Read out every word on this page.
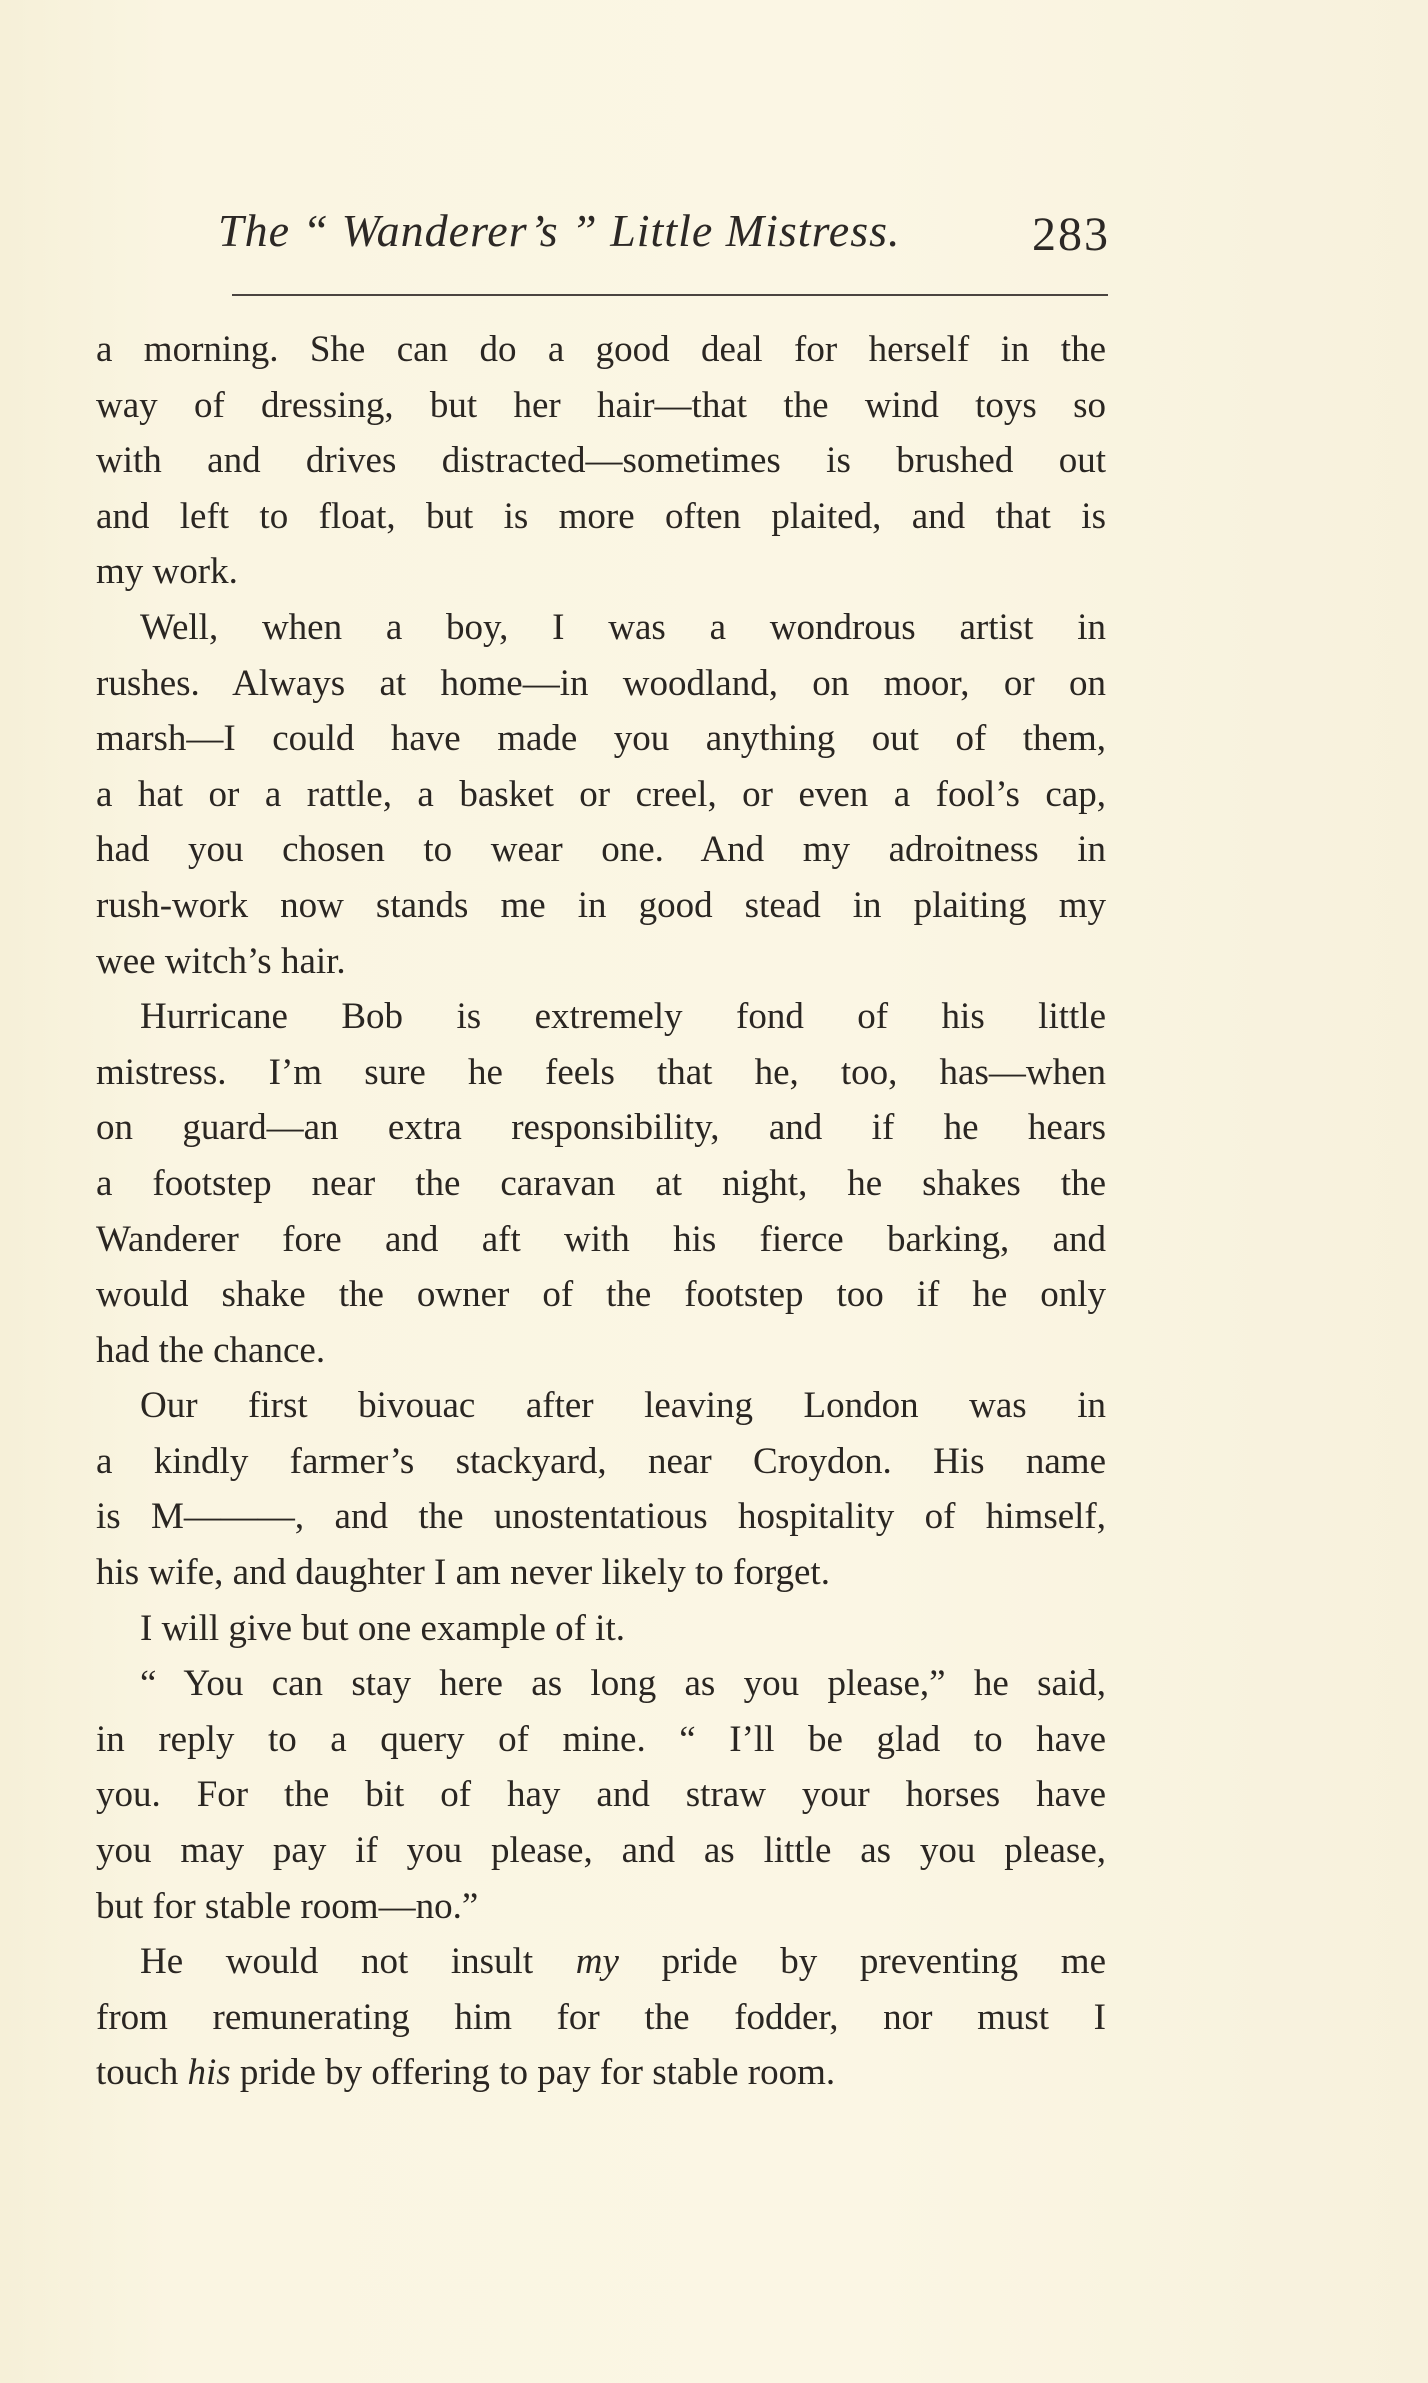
The “ Wanderer’s ” Little Mistress.	283
a morning. She can do a good deal for herself in the
way of dressing, but her hair—that the wind toys so
with and drives distracted—sometimes is brushed out
and left to float, but is more often plaited, and that is
my work.
Well, when a boy, I was a wondrous artist in
rushes. Always at home—in woodland, on moor, or on
marsh—I could have made you anything out of them,
a hat or a rattle, a basket or creel, or even a fool’s cap,
had you chosen to wear one. And my adroitness in
rush-work now stands me in good stead in plaiting my
wee witch’s hair.
Hurricane Bob is extremely fond of his little
mistress. I’m sure he feels that he, too, has—when
on guard—an extra responsibility, and if he hears
a footstep near the caravan at night, he shakes the
Wanderer fore and aft with his fierce barking, and
would shake the owner of the footstep too if he only
had the chance.
Our first bivouac after leaving London was in
a kindly farmer’s stackyard, near Croydon. His name
is M———, and the unostentatious hospitality of himself,
his wife, and daughter I am never likely to forget.
I will give but one example of it.
“ You can stay here as long as you please,” he said,
in reply to a query of mine. “ I’ll be glad to have
you. For the bit of hay and straw your horses have
you may pay if you please, and as little as you please,
but for stable room—no.”
He would not insult my pride by preventing me
from remunerating him for the fodder, nor must I
touch his pride by offering to pay for stable room.
